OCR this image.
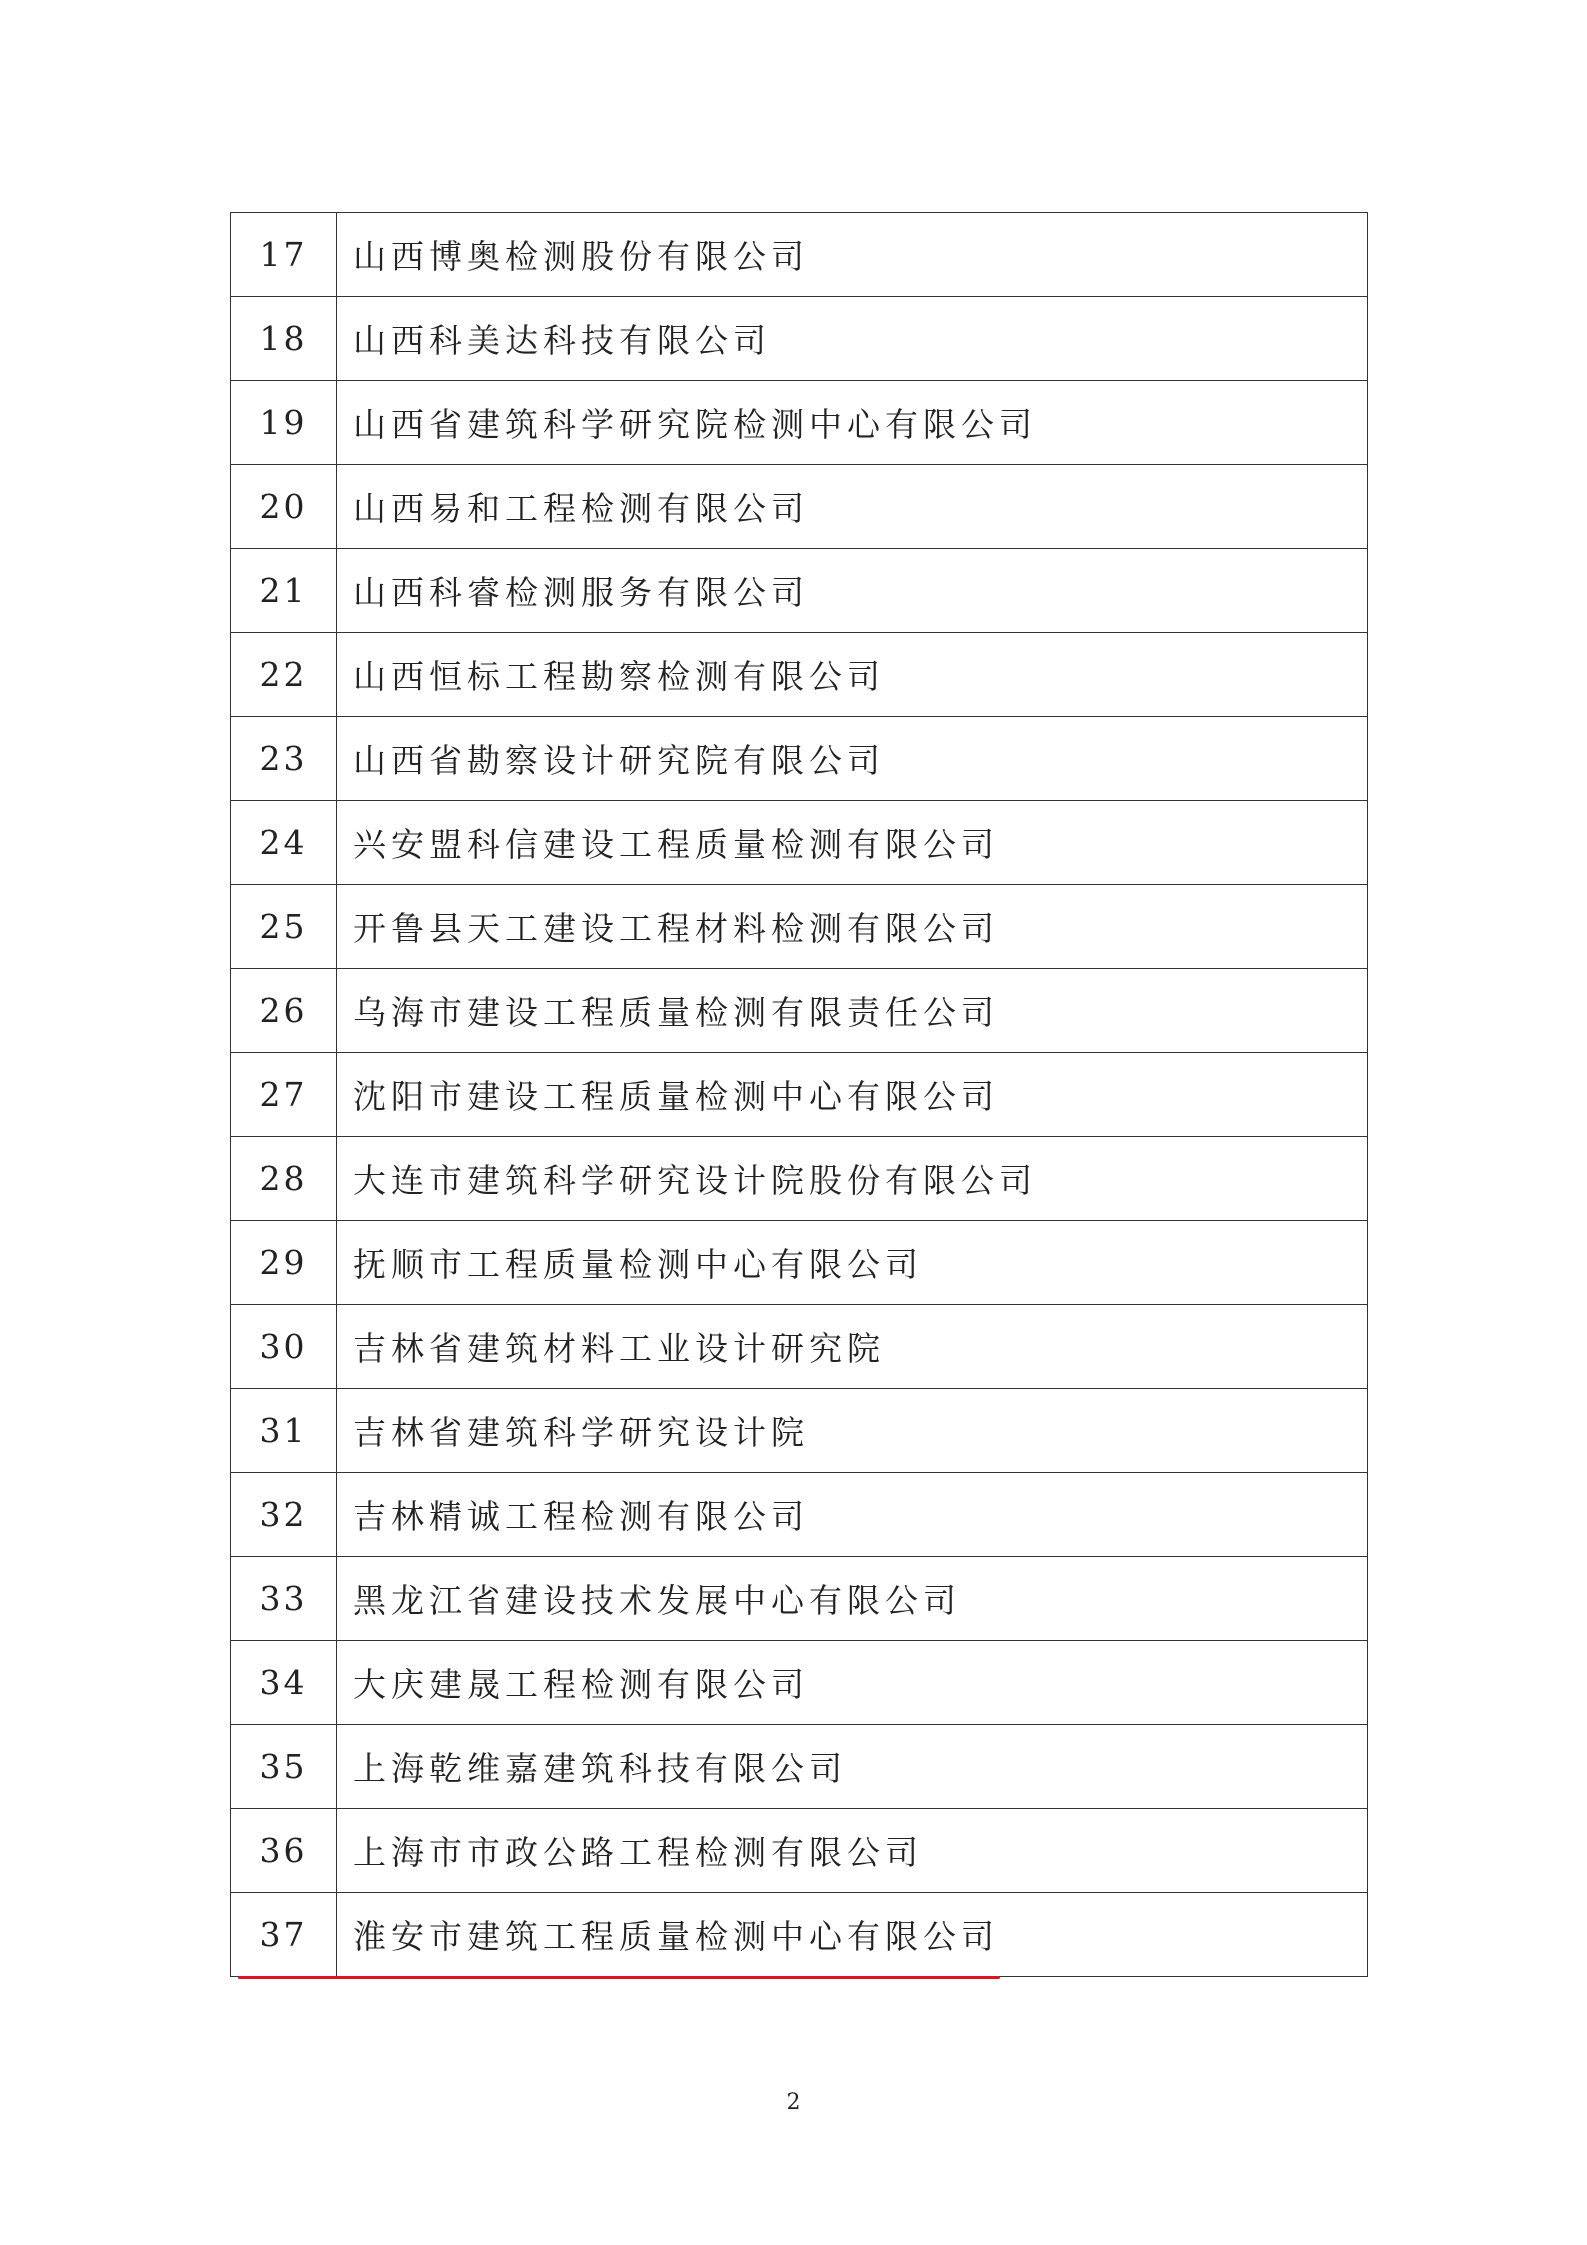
17	山西博奥检测股份有限公司
18	山西科美达科技有限公司
19	山西省建筑科学研究院检测中心有限公司
20	山西易和工程检测有限公司
21	山西科睿检测服务有限公司
22	山西恒标工程勘察检测有限公司
23	山西省勘察设计研究院有限公司
24	兴安盟科信建设工程质量检测有限公司
25	开鲁县天工建设工程材料检测有限公司
26	乌海市建设工程质量检测有限责任公司
27	沈阳市建设工程质量检测中心有限公司
28	大连市建筑科学研究设计院股份有限公司
29	抚顺市工程质量检测中心有限公司
30	吉林省建筑材料工业设计研究院
31	吉林省建筑科学研究设计院
32	吉林精诚工程检测有限公司
33	黑龙江省建设技术发展中心有限公司
34	大庆建晟工程检测有限公司
35	上海乾维嘉建筑科技有限公司
36	上海市市政公路工程检测有限公司
37	淮安市建筑工程质量检测中心有限公司
2
